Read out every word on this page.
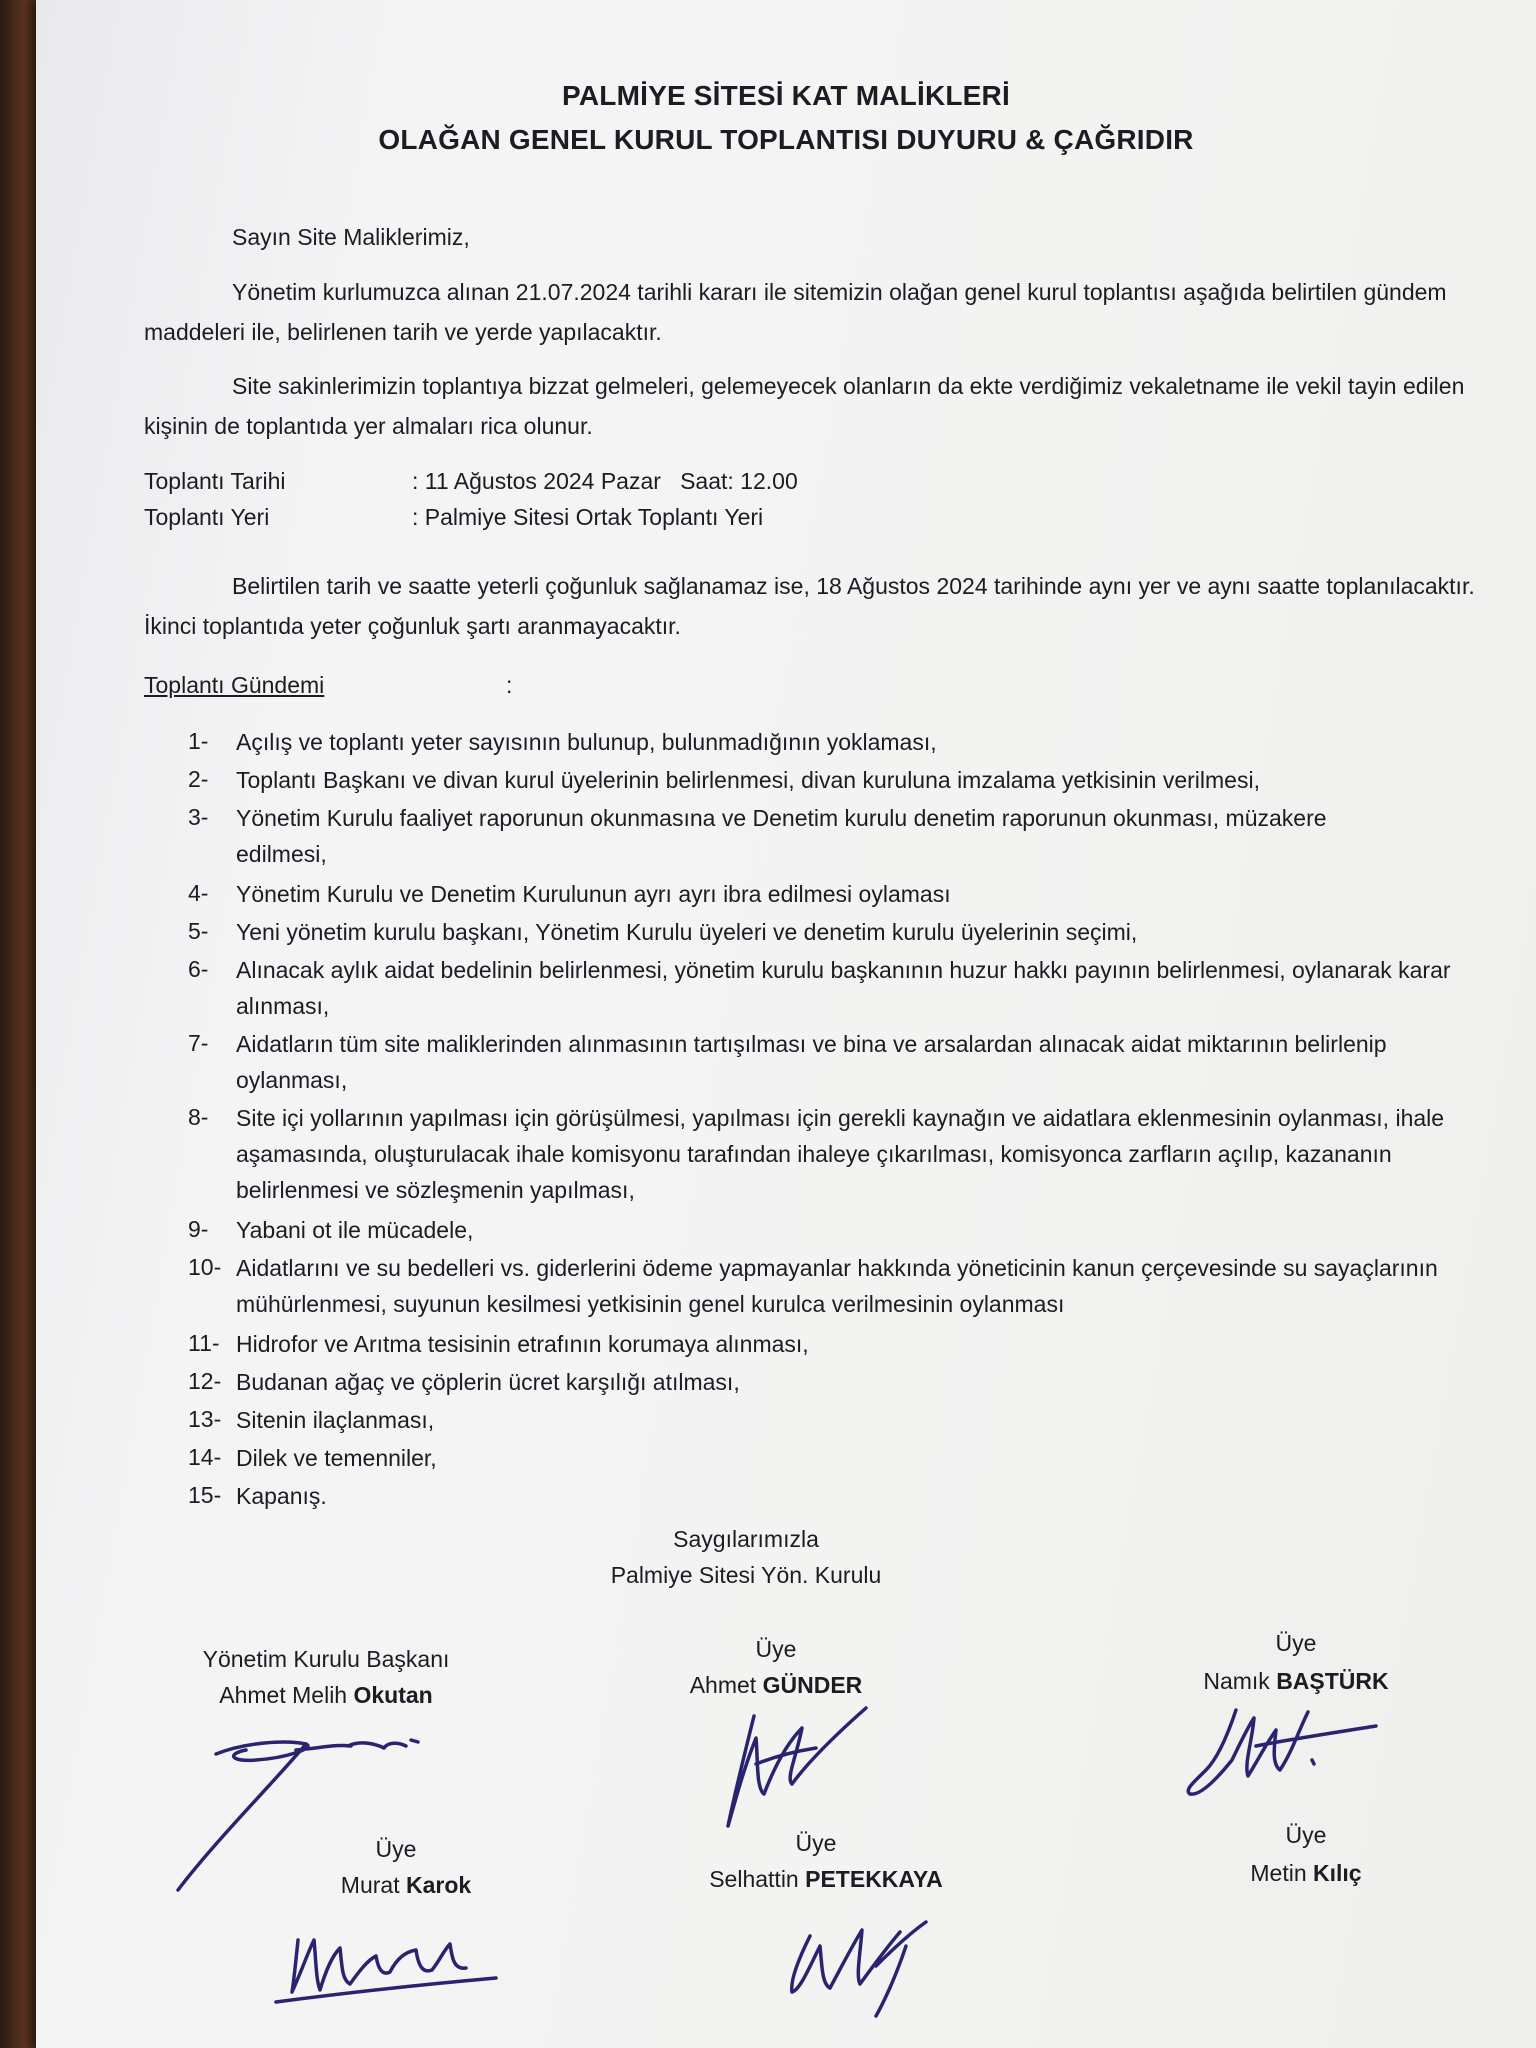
PALMİYE SİTESİ KAT MALİKLERİ
OLAĞAN GENEL KURUL TOPLANTISI DUYURU & ÇAĞRIDIR
Sayın Site Maliklerimiz,
Yönetim kurlumuzca alınan 21.07.2024 tarihli kararı ile sitemizin olağan genel kurul toplantısı aşağıda belirtilen gündem maddeleri ile, belirlenen tarih ve yerde yapılacaktır.
Site sakinlerimizin toplantıya bizzat gelmeleri, gelemeyecek olanların da ekte verdiğimiz vekaletname ile vekil tayin edilen kişinin de toplantıda yer almaları rica olunur.
Toplantı Tarihi	: 11 Ağustos 2024 Pazar   Saat: 12.00
Toplantı Yeri	: Palmiye Sitesi Ortak Toplantı Yeri
Belirtilen tarih ve saatte yeterli çoğunluk sağlanamaz ise, 18 Ağustos 2024 tarihinde aynı yer ve aynı saatte toplanılacaktır. İkinci toplantıda yeter çoğunluk şartı aranmayacaktır.
Toplantı Gündemi	:
1- Açılış ve toplantı yeter sayısının bulunup, bulunmadığının yoklaması,
2- Toplantı Başkanı ve divan kurul üyelerinin belirlenmesi, divan kuruluna imzalama yetkisinin verilmesi,
3- Yönetim Kurulu faaliyet raporunun okunmasına ve Denetim kurulu denetim raporunun okunması, müzakere edilmesi,
4- Yönetim Kurulu ve Denetim Kurulunun ayrı ayrı ibra edilmesi oylaması
5- Yeni yönetim kurulu başkanı, Yönetim Kurulu üyeleri ve denetim kurulu üyelerinin seçimi,
6- Alınacak aylık aidat bedelinin belirlenmesi, yönetim kurulu başkanının huzur hakkı payının belirlenmesi, oylanarak karar alınması,
7- Aidatların tüm site maliklerinden alınmasının tartışılması ve bina ve arsalardan alınacak aidat miktarının belirlenip oylanması,
8- Site içi yollarının yapılması için görüşülmesi, yapılması için gerekli kaynağın ve aidatlara eklenmesinin oylanması, ihale aşamasında, oluşturulacak ihale komisyonu tarafından ihaleye çıkarılması, komisyonca zarfların açılıp, kazananın belirlenmesi ve sözleşmenin yapılması,
9- Yabani ot ile mücadele,
10- Aidatlarını ve su bedelleri vs. giderlerini ödeme yapmayanlar hakkında yöneticinin kanun çerçevesinde su sayaçlarının mühürlenmesi, suyunun kesilmesi yetkisinin genel kurulca verilmesinin oylanması
11- Hidrofor ve Arıtma tesisinin etrafının korumaya alınması,
12- Budanan ağaç ve çöplerin ücret karşılığı atılması,
13- Sitenin ilaçlanması,
14- Dilek ve temenniler,
15- Kapanış.
Saygılarımızla
Palmiye Sitesi Yön. Kurulu
Yönetim Kurulu Başkanı
Ahmet Melih Okutan
Üye
Ahmet GÜNDER
Üye
Namık BAŞTÜRK
Üye
Murat Karok
Üye
Selhattin PETEKKAYA
Üye
Metin Kılıç
